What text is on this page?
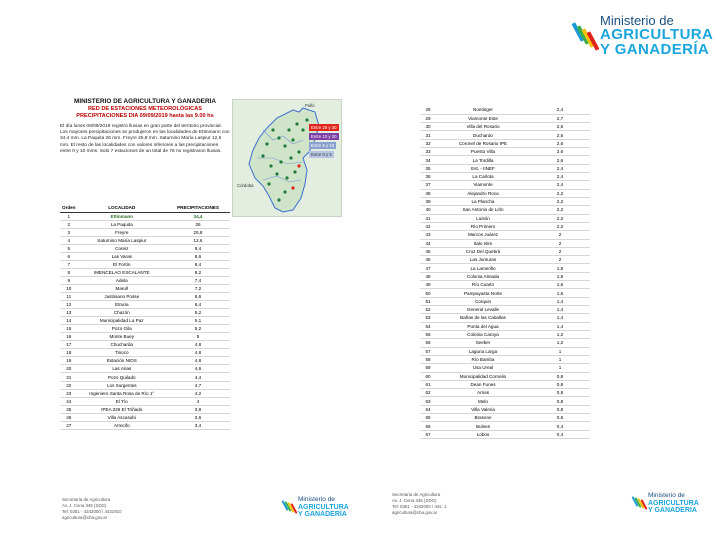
Ministerio de
AGRICULTURA
Y GANADERÍA
MINISTERIO DE AGRICULTURA Y GANADERÍA
RED DE ESTACIONES METEOROLÓGICAS
PRECIPITACIONES DIA 09/09/2019 hasta las 9.00 hs
El día lunes 09/09/2019 registró lluvias en gran parte del territorio provincial. Los mayores precipitaciones se produjeron en las localidades de Ettinmann con 34,4 mm. La Paquita 26 mm. Freyre 25,8 mm. Saturnino María Laspiur 12,6 mm. El resto de las localidades con valores inferiores a las precipitaciones entre 0 y 10 mms. Solo 7 estaciones de un total de 76 no registraron lluvias.
Entre 20 y 30
Entre 10 y 20
Entre 5 y 10
Entre 0 y 5
Pulló
Córdoba
Orden	LOCALIDAD	PRECIPITACIONES
1	Ettinmann	34,4
2	La Paquita	26
3	Freyre	25,8
4	Saturnino María Laspiur	12,6
5	Coreiz	9,4
6	Las Varas	8,6
7	El Fortín	8,4
8	IMENCELAO ESCALANTE	8,2
9	Adela	7,4
10	Marull	7,2
11	Justiniano Posse	6,6
12	Etruria	6,4
13	Chazón	5,2
14	Municipalidad La Paz	5,1
15	Pozo Gila	5,2
16	Monte Buey	5
17	Chucharda	4,8
18	Tinoco	4,8
19	Estación NIOS	4,8
20	Las Arias	4,6
21	Pozo Quilado	4,4
22	Los Surgentes	4,7
23	Ingeniero Santa Rosa de Río 1°	4,2
24	El Tío	4
25	IPEA 226 El Triñado	3,8
26	Villa Ascasubi	3,6
27	Arrecifo	3,4
28	Noetinger	2,4
29	Viamonte Este	2,7
30	Villa del Rosario	2,6
31	Duchardo	2,6
32	Coronel de Rosario IPE	2,6
33	Puesto Villa	2,6
34	La Tordilla	2,6
35	Est. - IINEF	2,4
36	La Carlota	2,4
37	Viamonte	2,4
38	Alejandro Roca	2,2
39	La Plancha	2,2
40	San Antonio de Litín	2,2
41	Luisón	2,2
42	Río Primero	2,2
43	Marcos Juárez	2
44	Italo Islm	2
45	Cruz Del Quebrá	2
46	Las Junturas	2
47	La Lamerillo	1,8
48	Colonia Almada	1,8
49	Río Cuarto	1,6
50	Pampayasta Norte	1,6
51	Corquin	1,4
52	General Levalle	1,4
53	Bañas de las Caballas	1,4
54	Punta del Agua	1,4
55	Colonia Caroya	1,2
56	Seeber	1,2
57	Laguna Larga	1
58	Río Bamba	1
59	Usa Ureal	1
60	Municipalidad Cornelio	0,8
61	Dean Funes	0,8
62	Arrias	0,8
63	Melo	0,8
64	Villa Valeria	0,8
65	Brasone	0,6
66	Bulnes	0,4
67	Lobos	0,4
Secretaría de Agricultura
Av. J. Cena 345 (SDG)
Tel: 0351 - 4342000 / 4431910
agricultura@cba.gov.ar
Secretaría de Agricultura
Av. J. Cena 345 (SDG)
Tel: 0351 - 4342000 / Ints. 1
agricultura@cba.gov.ar
Ministerio de
AGRICULTURA
Y GANADERÍA
Ministerio de
AGRICULTURA
Y GANADERÍA
